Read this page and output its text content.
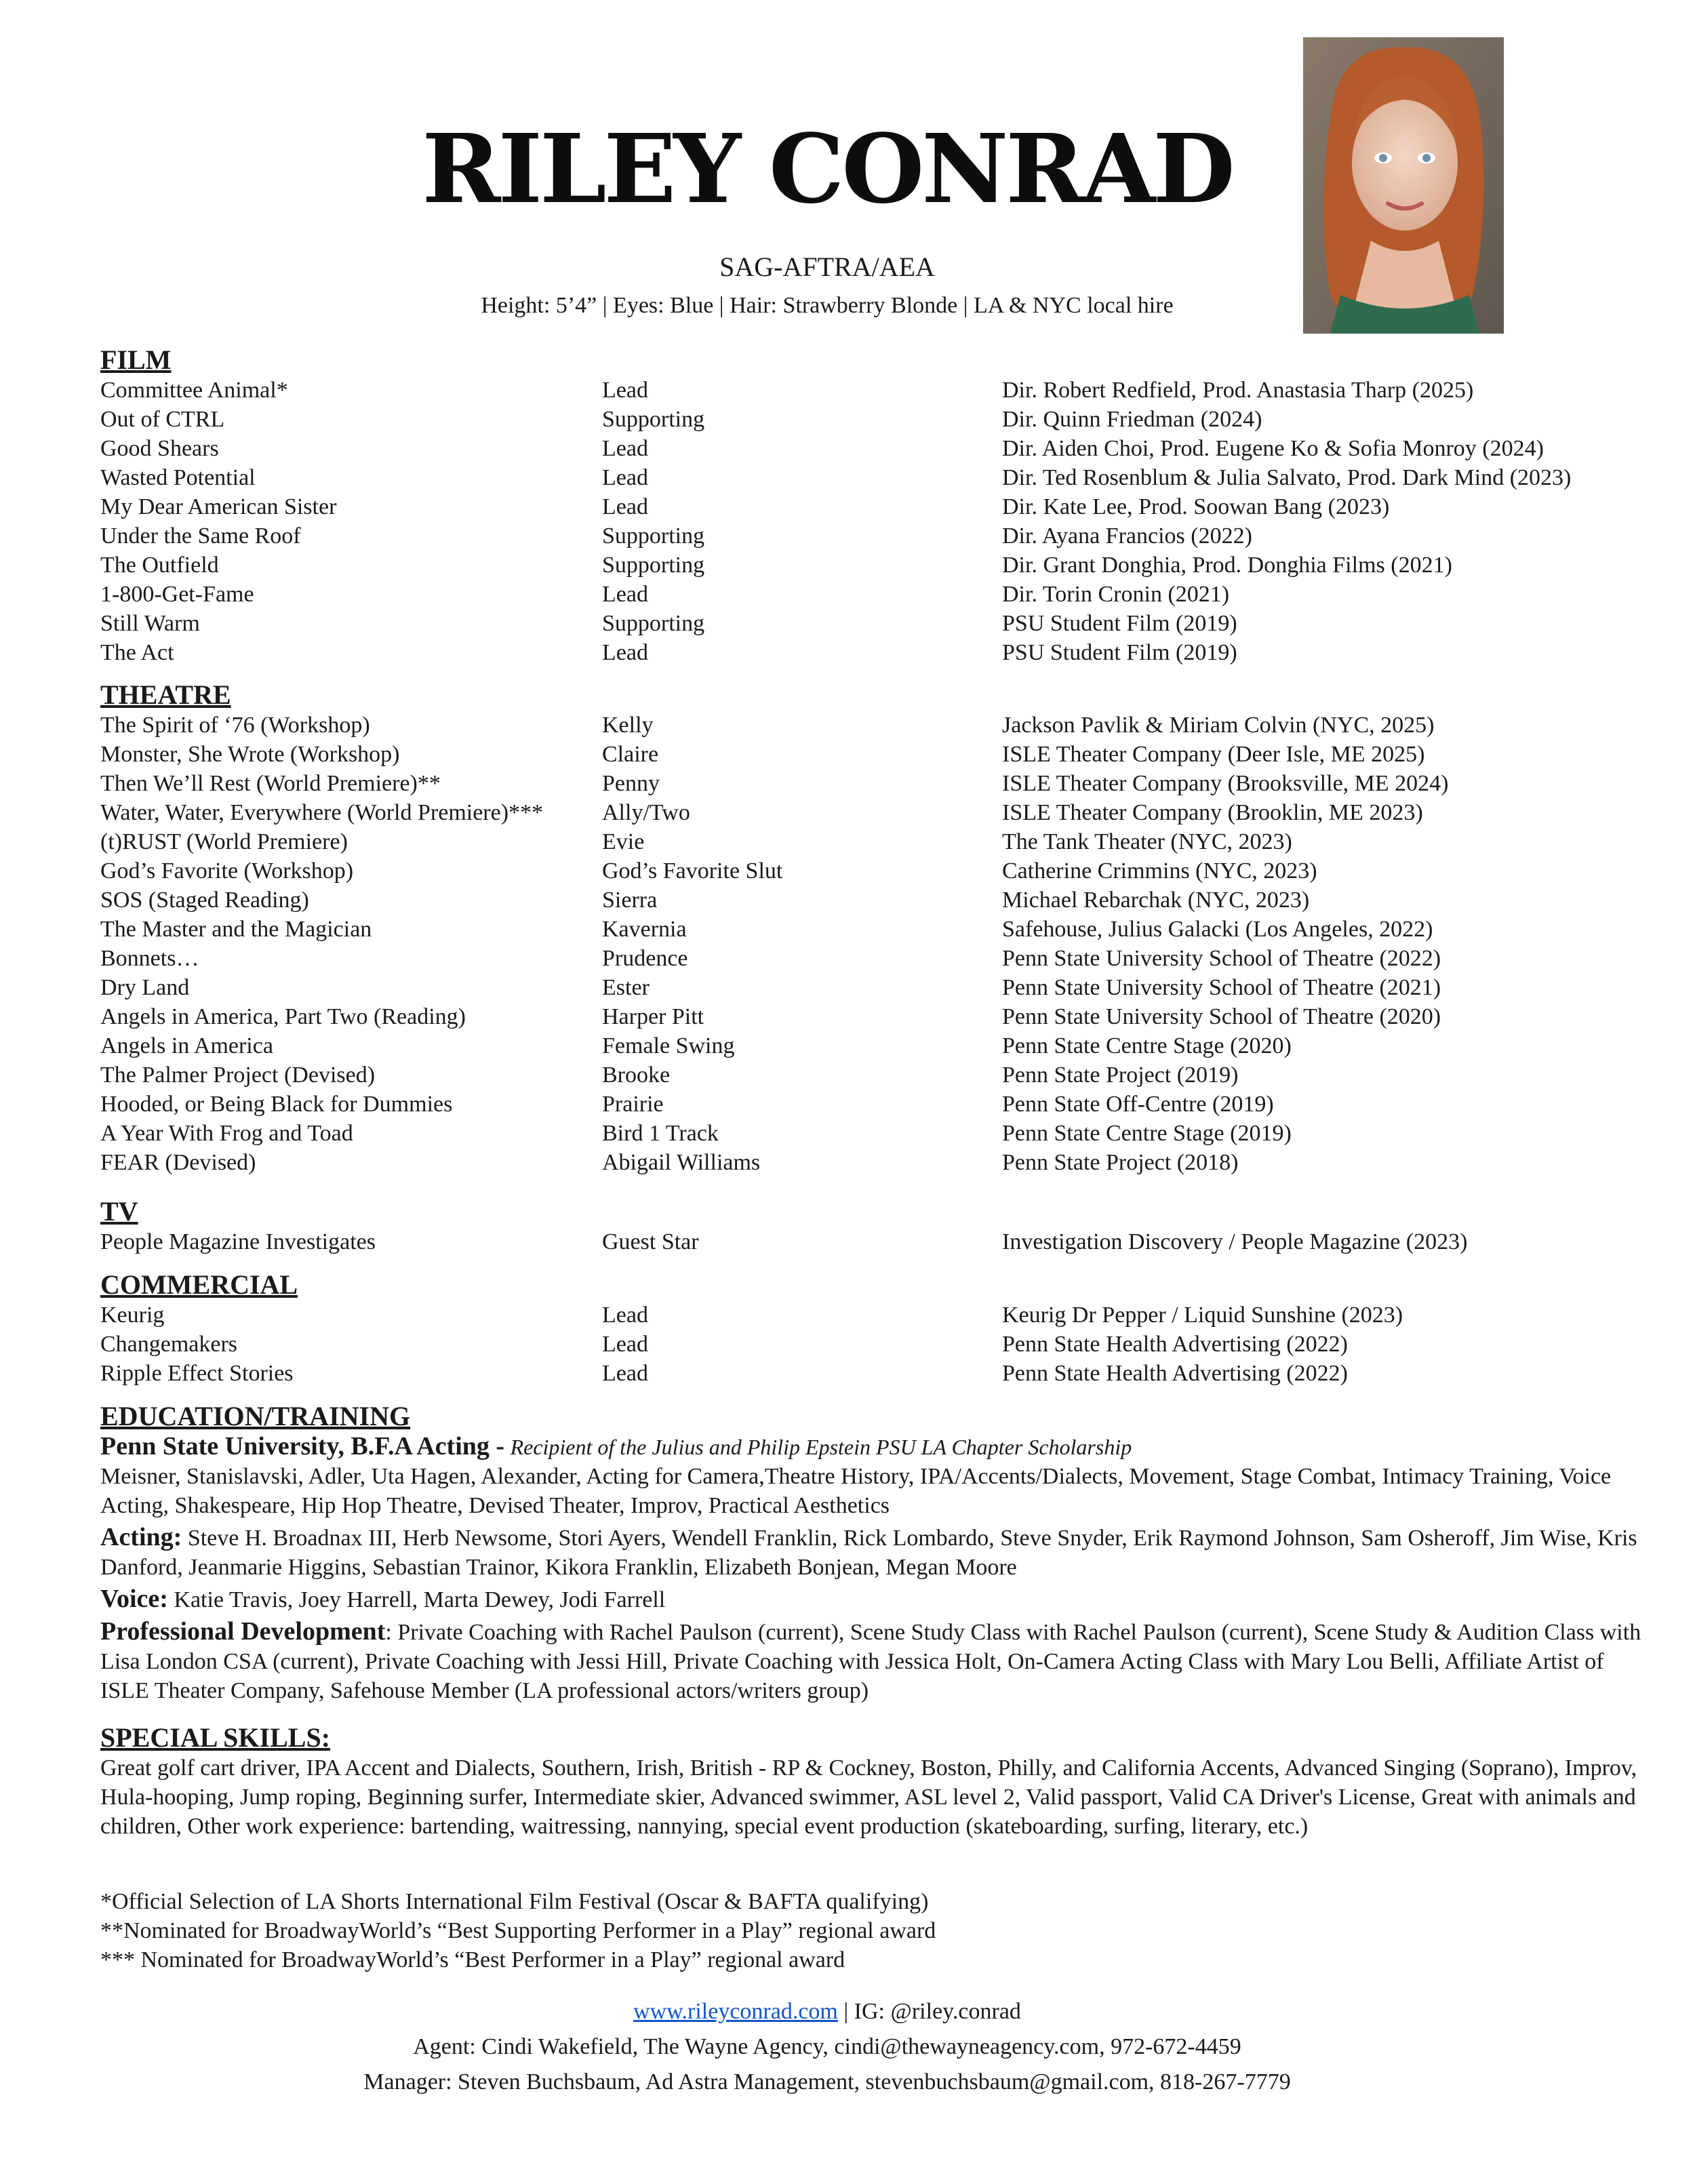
RILEY CONRAD
SAG-AFTRA/AEA
Height: 5’4” | Eyes: Blue | Hair: Strawberry Blonde | LA & NYC local hire
FILM
Committee Animal*	Lead	Dir. Robert Redfield, Prod. Anastasia Tharp (2025)
Out of CTRL	Supporting	Dir. Quinn Friedman (2024)
Good Shears	Lead	Dir. Aiden Choi, Prod. Eugene Ko & Sofia Monroy (2024)
Wasted Potential	Lead	Dir. Ted Rosenblum & Julia Salvato, Prod. Dark Mind (2023)
My Dear American Sister	Lead	Dir. Kate Lee, Prod. Soowan Bang (2023)
Under the Same Roof	Supporting	Dir. Ayana Francios (2022)
The Outfield	Supporting	Dir. Grant Donghia, Prod. Donghia Films (2021)
1-800-Get-Fame	Lead	Dir. Torin Cronin (2021)
Still Warm	Supporting	PSU Student Film (2019)
The Act	Lead	PSU Student Film (2019)
THEATRE
The Spirit of ‘76 (Workshop)	Kelly	Jackson Pavlik & Miriam Colvin (NYC, 2025)
Monster, She Wrote (Workshop)	Claire	ISLE Theater Company (Deer Isle, ME 2025)
Then We’ll Rest (World Premiere)**	Penny	ISLE Theater Company (Brooksville, ME 2024)
Water, Water, Everywhere (World Premiere)***	Ally/Two	ISLE Theater Company (Brooklin, ME 2023)
(t)RUST (World Premiere)	Evie	The Tank Theater (NYC, 2023)
God’s Favorite (Workshop)	God’s Favorite Slut	Catherine Crimmins (NYC, 2023)
SOS (Staged Reading)	Sierra	Michael Rebarchak (NYC, 2023)
The Master and the Magician	Kavernia	Safehouse, Julius Galacki (Los Angeles, 2022)
Bonnets…	Prudence	Penn State University School of Theatre (2022)
Dry Land	Ester	Penn State University School of Theatre (2021)
Angels in America, Part Two (Reading)	Harper Pitt	Penn State University School of Theatre (2020)
Angels in America	Female Swing	Penn State Centre Stage (2020)
The Palmer Project (Devised)	Brooke	Penn State Project (2019)
Hooded, or Being Black for Dummies	Prairie	Penn State Off-Centre (2019)
A Year With Frog and Toad	Bird 1 Track	Penn State Centre Stage (2019)
FEAR (Devised)	Abigail Williams	Penn State Project (2018)
TV
People Magazine Investigates	Guest Star	Investigation Discovery / People Magazine (2023)
COMMERCIAL
Keurig	Lead	Keurig Dr Pepper / Liquid Sunshine (2023)
Changemakers	Lead	Penn State Health Advertising (2022)
Ripple Effect Stories	Lead	Penn State Health Advertising (2022)
EDUCATION/TRAINING

Penn State University, B.F.A Acting - Recipient of the Julius and Philip Epstein PSU LA Chapter Scholarship

Meisner, Stanislavski, Adler, Uta Hagen, Alexander, Acting for Camera,Theatre History, IPA/Accents/Dialects, Movement, Stage Combat, Intimacy Training, Voice Acting, Shakespeare, Hip Hop Theatre, Devised Theater, Improv, Practical Aesthetics

Acting: Steve H. Broadnax III, Herb Newsome, Stori Ayers, Wendell Franklin, Rick Lombardo, Steve Snyder, Erik Raymond Johnson, Sam Osheroff, Jim Wise, Kris Danford, Jeanmarie Higgins, Sebastian Trainor, Kikora Franklin, Elizabeth Bonjean, Megan Moore

Voice: Katie Travis, Joey Harrell, Marta Dewey, Jodi Farrell

Professional Development: Private Coaching with Rachel Paulson (current), Scene Study Class with Rachel Paulson (current), Scene Study & Audition Class with Lisa London CSA (current), Private Coaching with Jessi Hill, Private Coaching with Jessica Holt, On-Camera Acting Class with Mary Lou Belli, Affiliate Artist of ISLE Theater Company, Safehouse Member (LA professional actors/writers group)

SPECIAL SKILLS:

Great golf cart driver, IPA Accent and Dialects, Southern, Irish, British - RP & Cockney, Boston, Philly, and California Accents, Advanced Singing (Soprano), Improv, Hula-hooping, Jump roping, Beginning surfer, Intermediate skier, Advanced swimmer, ASL level 2, Valid passport, Valid CA Driver's License, Great with animals and children, Other work experience: bartending, waitressing, nannying, special event production (skateboarding, surfing, literary, etc.)

*Official Selection of LA Shorts International Film Festival (Oscar & BAFTA qualifying)

**Nominated for BroadwayWorld’s “Best Supporting Performer in a Play” regional award

*** Nominated for BroadwayWorld’s “Best Performer in a Play” regional award

www.rileyconrad.com | IG: @riley.conrad
Agent: Cindi Wakefield, The Wayne Agency, cindi@thewayneagency.com, 972-672-4459
Manager: Steven Buchsbaum, Ad Astra Management, stevenbuchsbaum@gmail.com, 818-267-7779
